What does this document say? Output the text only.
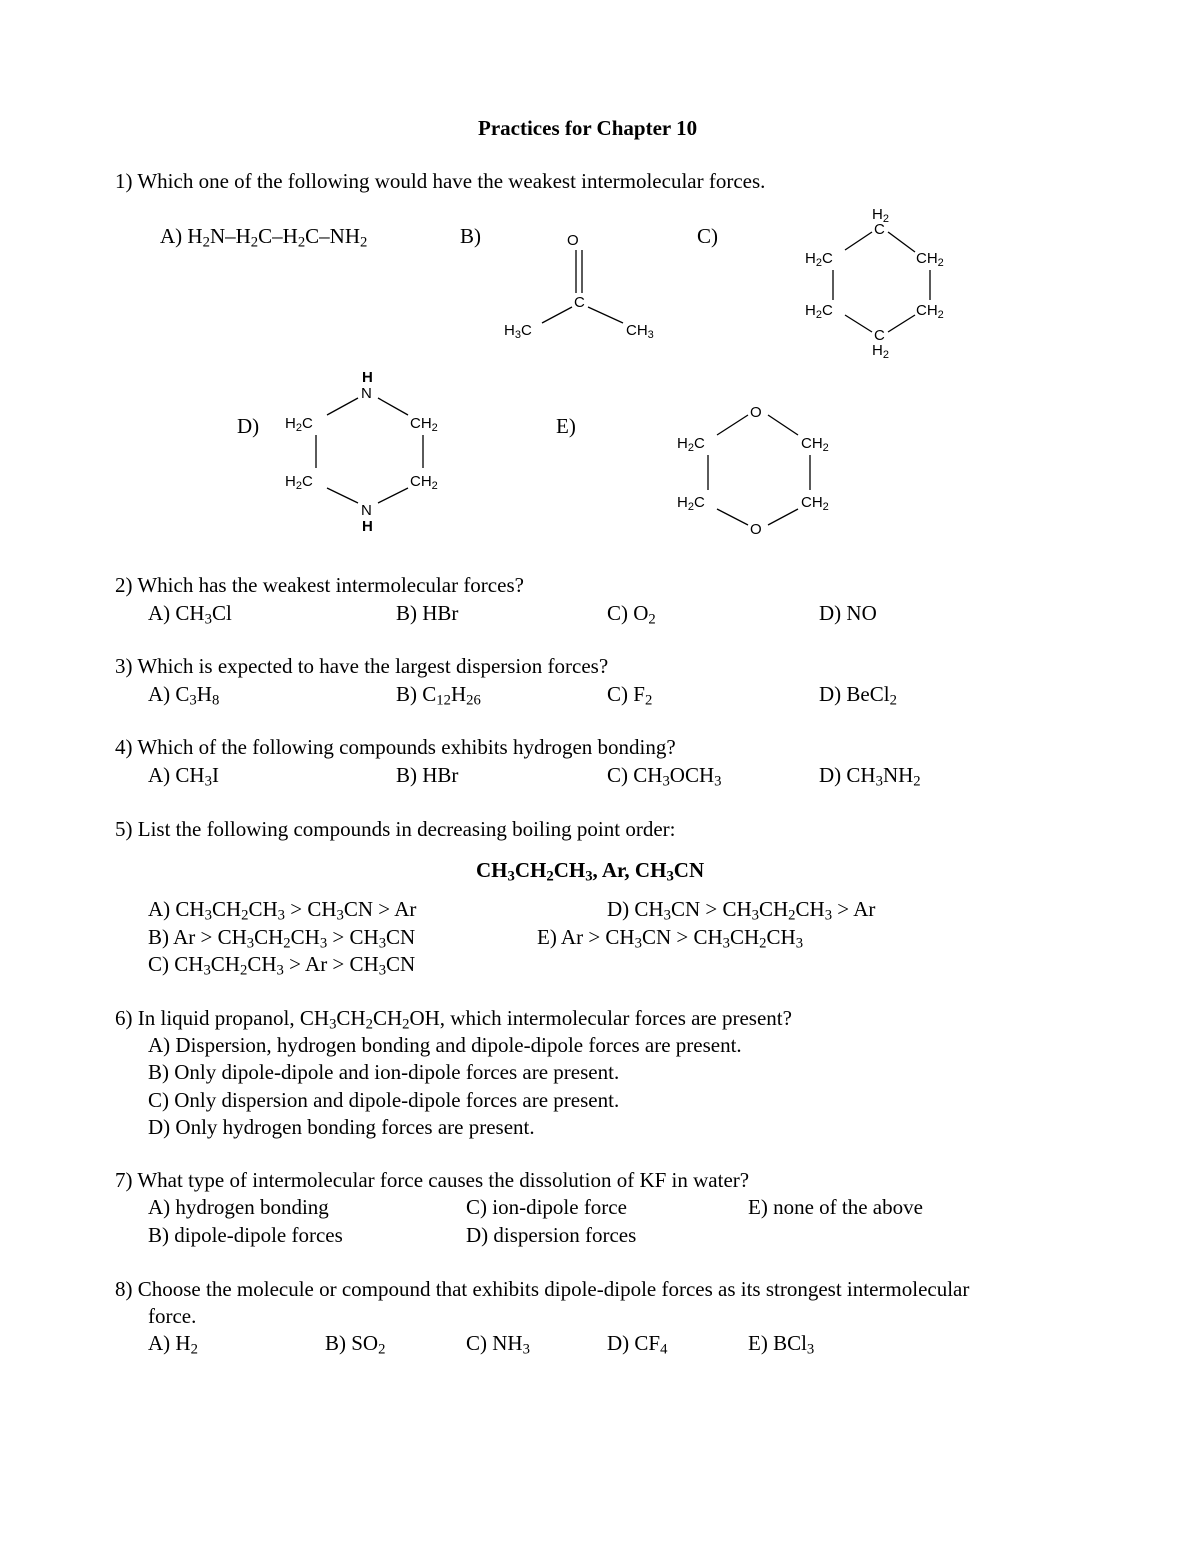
Practices for Chapter 10
1) Which one of the following would have the weakest intermolecular forces.
A) $H_2N-H_2C-H_2C-NH_2$	B)	C)
D)	E)
O
C
$H_3C$	$CH_3$
$H_2$
C
$H_2C$	$CH_2$
$H_2C$	$CH_2$
C
$H_2$
H
N
$H_2C$	$CH_2$
$H_2C$	$CH_2$
N
H
O
$H_2C$	$CH_2$
$H_2C$	$CH_2$
O
2) Which has the weakest intermolecular forces?
A) $CH_3Cl$	B) HBr	C) $O_2$	D) NO
3) Which is expected to have the largest dispersion forces?
A) $C_3H_8$	B) $C_{12}H_{26}$	C) $F_2$	D) BeCl$_2$
4) Which of the following compounds exhibits hydrogen bonding?
A) $CH_3I$	B) HBr	C) $CH_3OCH_3$	D) $CH_3NH_2$
5) List the following compounds in decreasing boiling point order:
$CH_3CH_2CH_3$, Ar, $CH_3CN$
A) $CH_3CH_2CH_3 > CH_3CN > Ar$
B) $Ar > CH_3CH_2CH_3 > CH_3CN$
C) $CH_3CH_2CH_3 > Ar > CH_3CN$
D) $CH_3CN > CH_3CH_2CH_3 > Ar$
E) $Ar > CH_3CN > CH_3CH_2CH_3$
6) In liquid propanol, $CH_3CH_2CH_2OH$, which intermolecular forces are present?
A) Dispersion, hydrogen bonding and dipole-dipole forces are present.
B) Only dipole-dipole and ion-dipole forces are present.
C) Only dispersion and dipole-dipole forces are present.
D) Only hydrogen bonding forces are present.
7) What type of intermolecular force causes the dissolution of KF in water?
A) hydrogen bonding
B) dipole-dipole forces
C) ion-dipole force
D) dispersion forces
E) none of the above
8) Choose the molecule or compound that exhibits dipole-dipole forces as its strongest intermolecular
force.
A) $H_2$	B) $SO_2$	C) $NH_3$	D) $CF_4$	E) BCl$_3$
